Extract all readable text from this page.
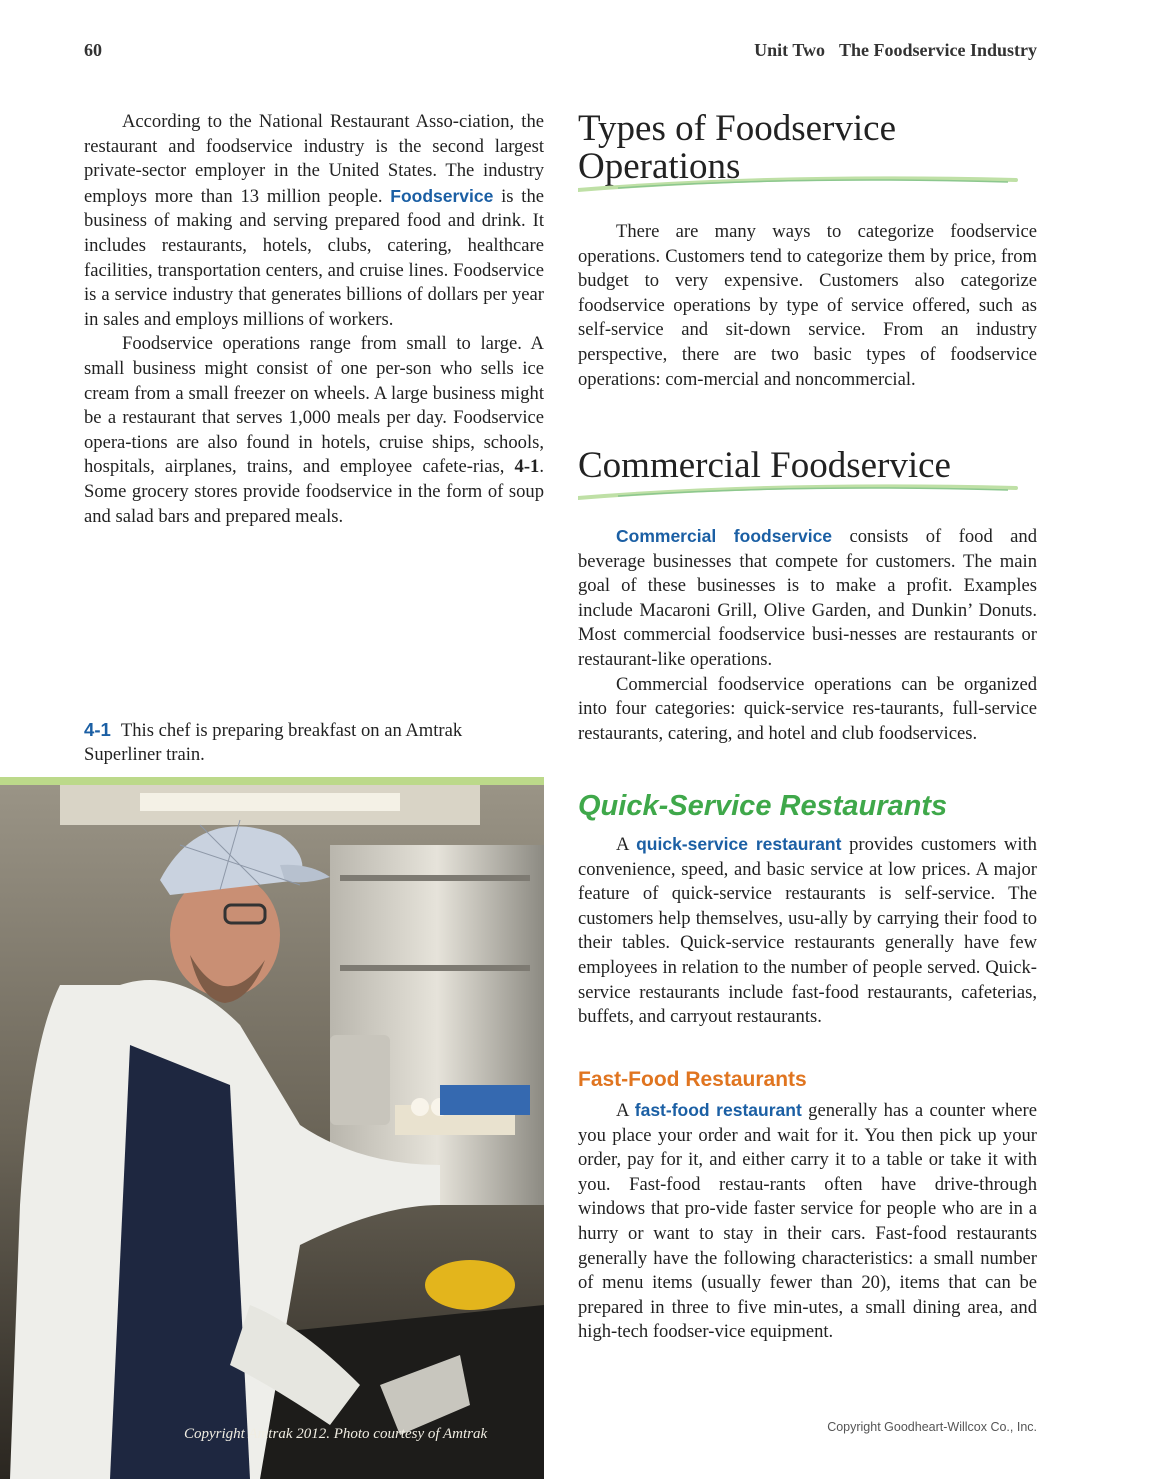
60	Unit Two The Foodservice Industry

According to the National Restaurant Asso-ciation, the restaurant and foodservice industry is the second largest private-sector employer in the United States. The industry employs more than 13 million people. Foodservice is the business of making and serving prepared food and drink. It includes restaurants, hotels, clubs, catering, healthcare facilities, transportation centers, and cruise lines. Foodservice is a service industry that generates billions of dollars per year in sales and employs millions of workers.

Foodservice operations range from small to large. A small business might consist of one per-son who sells ice cream from a small freezer on wheels. A large business might be a restaurant that serves 1,000 meals per day. Foodservice opera-tions are also found in hotels, cruise ships, schools, hospitals, airplanes, trains, and employee cafete-rias, 4-1. Some grocery stores provide foodservice in the form of soup and salad bars and prepared meals.

4-1 This chef is preparing breakfast on an Amtrak Superliner train.
Copyright Amtrak 2012. Photo courtesy of Amtrak
Types of Foodservice Operations

There are many ways to categorize foodservice operations. Customers tend to categorize them by price, from budget to very expensive. Customers also categorize foodservice operations by type of service offered, such as self-service and sit-down service. From an industry perspective, there are two basic types of foodservice operations: com-mercial and noncommercial.

Commercial Foodservice

Commercial foodservice consists of food and beverage businesses that compete for customers. The main goal of these businesses is to make a profit. Examples include Macaroni Grill, Olive Garden, and Dunkin’ Donuts. Most commercial foodservice busi-nesses are restaurants or restaurant-like operations.

Commercial foodservice operations can be organized into four categories: quick-service res-taurants, full-service restaurants, catering, and hotel and club foodservices.

Quick-Service Restaurants

A quick-service restaurant provides customers with convenience, speed, and basic service at low prices. A major feature of quick-service restaurants is self-service. The customers help themselves, usu-ally by carrying their food to their tables. Quick-service restaurants generally have few employees in relation to the number of people served. Quick-service restaurants include fast-food restaurants, cafeterias, buffets, and carryout restaurants.

Fast-Food Restaurants

A fast-food restaurant generally has a counter where you place your order and wait for it. You then pick up your order, pay for it, and either carry it to a table or take it with you. Fast-food restau-rants often have drive-through windows that pro-vide faster service for people who are in a hurry or want to stay in their cars. Fast-food restaurants generally have the following characteristics: a small number of menu items (usually fewer than 20), items that can be prepared in three to five min-utes, a small dining area, and high-tech foodser-vice equipment.

Copyright Goodheart-Willcox Co., Inc.
